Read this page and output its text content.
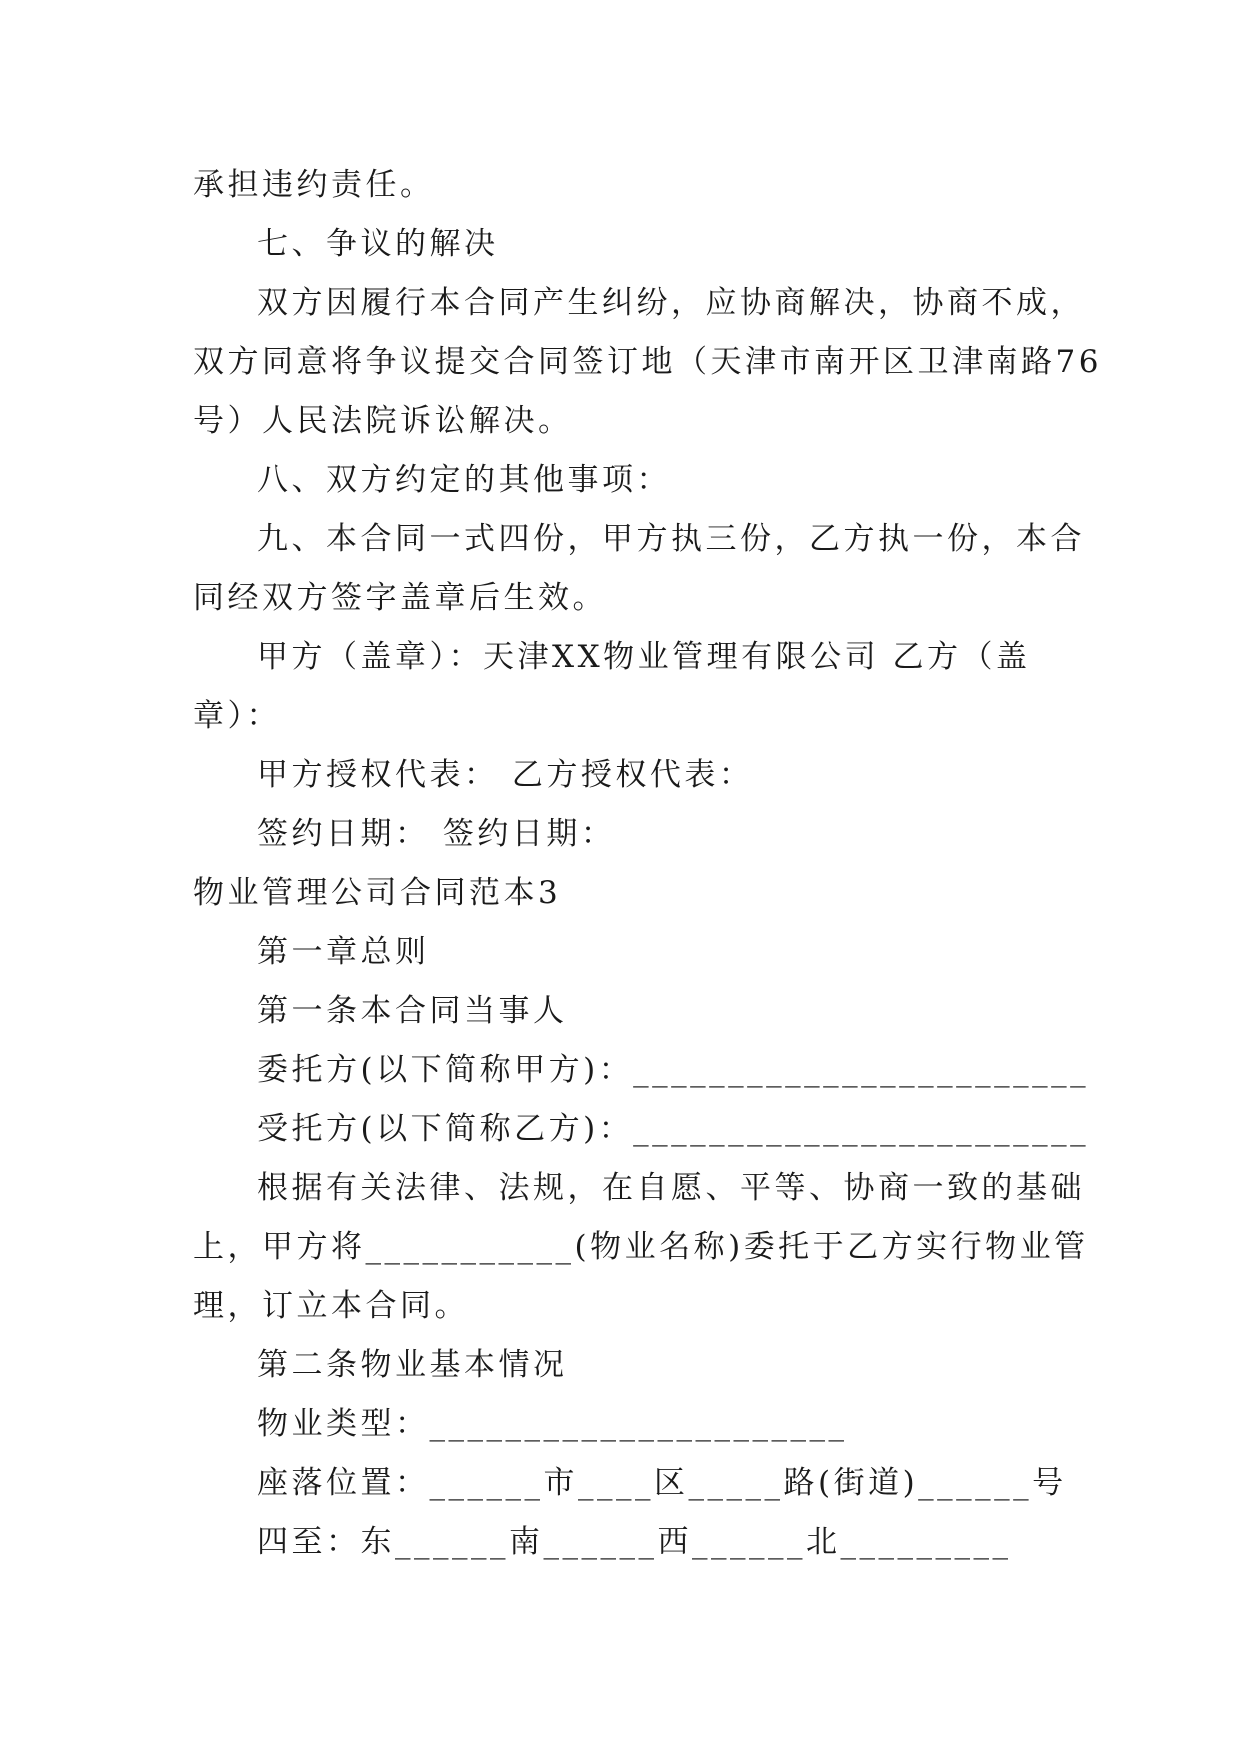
承担违约责任。
七、争议的解决
双方因履行本合同产生纠纷，应协商解决，协商不成，
双方同意将争议提交合同签订地（天津市南开区卫津南路76
号）人民法院诉讼解决。
八、双方约定的其他事项：
九、本合同一式四份，甲方执三份，乙方执一份，本合
同经双方签字盖章后生效。
甲方（盖章）：天津XX物业管理有限公司 乙方（盖
章）：
甲方授权代表： 乙方授权代表：
签约日期： 签约日期：
物业管理公司合同范本3
第一章总则
第一条本合同当事人
委托方(以下简称甲方)：________________________
受托方(以下简称乙方)：________________________
根据有关法律、法规，在自愿、平等、协商一致的基础
上，甲方将___________(物业名称)委托于乙方实行物业管
理，订立本合同。
第二条物业基本情况
物业类型：______________________
座落位置：______市____区_____路(街道)______号
四至：东______南______西______北_________
